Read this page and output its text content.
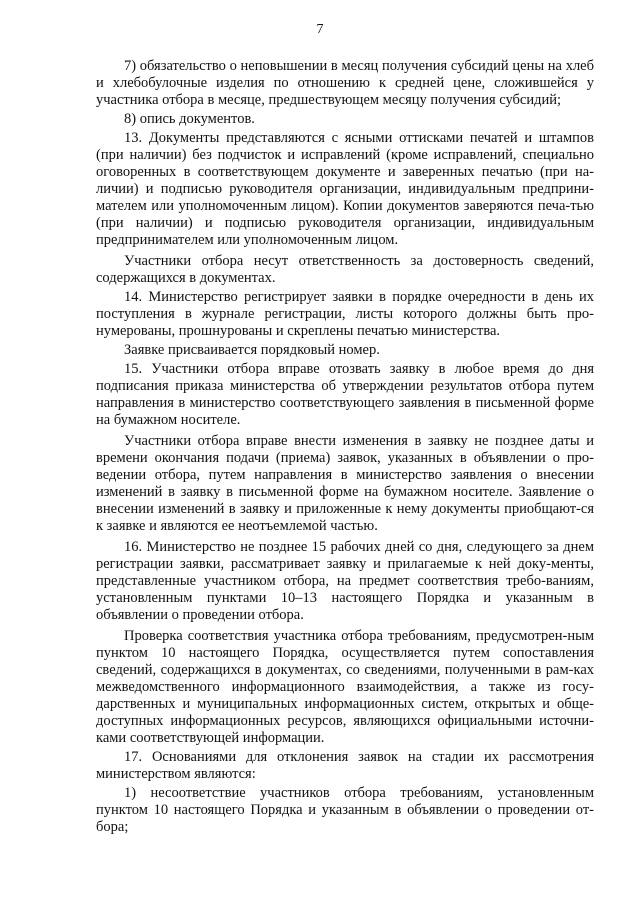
7

7) обязательство о неповышении в месяц получения субсидий цены на хлеб и хлебобулочные изделия по отношению к средней цене, сложившейся у участника отбора в месяце, предшествующем месяцу получения субсидий;

8) опись документов.

13. Документы представляются с ясными оттисками печатей и штампов (при наличии) без подчисток и исправлений (кроме исправлений, специально оговоренных в соответствующем документе и заверенных печатью (при на-личии) и подписью руководителя организации, индивидуальным предприни-мателем или уполномоченным лицом). Копии документов заверяются печа-тью (при наличии) и подписью руководителя организации, индивидуальным предпринимателем или уполномоченным лицом.

Участники отбора несут ответственность за достоверность сведений, содержащихся в документах.

14. Министерство регистрирует заявки в порядке очередности в день их поступления в журнале регистрации, листы которого должны быть про-нумерованы, прошнурованы и скреплены печатью министерства.

Заявке присваивается порядковый номер.

15. Участники отбора вправе отозвать заявку в любое время до дня подписания приказа министерства об утверждении результатов отбора путем направления в министерство соответствующего заявления в письменной форме на бумажном носителе.

Участники отбора вправе внести изменения в заявку не позднее даты и времени окончания подачи (приема) заявок, указанных в объявлении о про-ведении отбора, путем направления в министерство заявления о внесении изменений в заявку в письменной форме на бумажном носителе. Заявление о внесении изменений в заявку и приложенные к нему документы приобщают-ся к заявке и являются ее неотъемлемой частью.

16. Министерство не позднее 15 рабочих дней со дня, следующего за днем регистрации заявки, рассматривает заявку и прилагаемые к ней доку-менты, представленные участником отбора, на предмет соответствия требо-ваниям, установленным пунктами 10–13 настоящего Порядка и указанным в объявлении о проведении отбора.

Проверка соответствия участника отбора требованиям, предусмотрен-ным пунктом 10 настоящего Порядка, осуществляется путем сопоставления сведений, содержащихся в документах, со сведениями, полученными в рам-ках межведомственного информационного взаимодействия, а также из госу-дарственных и муниципальных информационных систем, открытых и обще-доступных информационных ресурсов, являющихся официальными источни-ками соответствующей информации.

17. Основаниями для отклонения заявок на стадии их рассмотрения министерством являются:

1) несоответствие участников отбора требованиям, установленным пунктом 10 настоящего Порядка и указанным в объявлении о проведении от-бора;
